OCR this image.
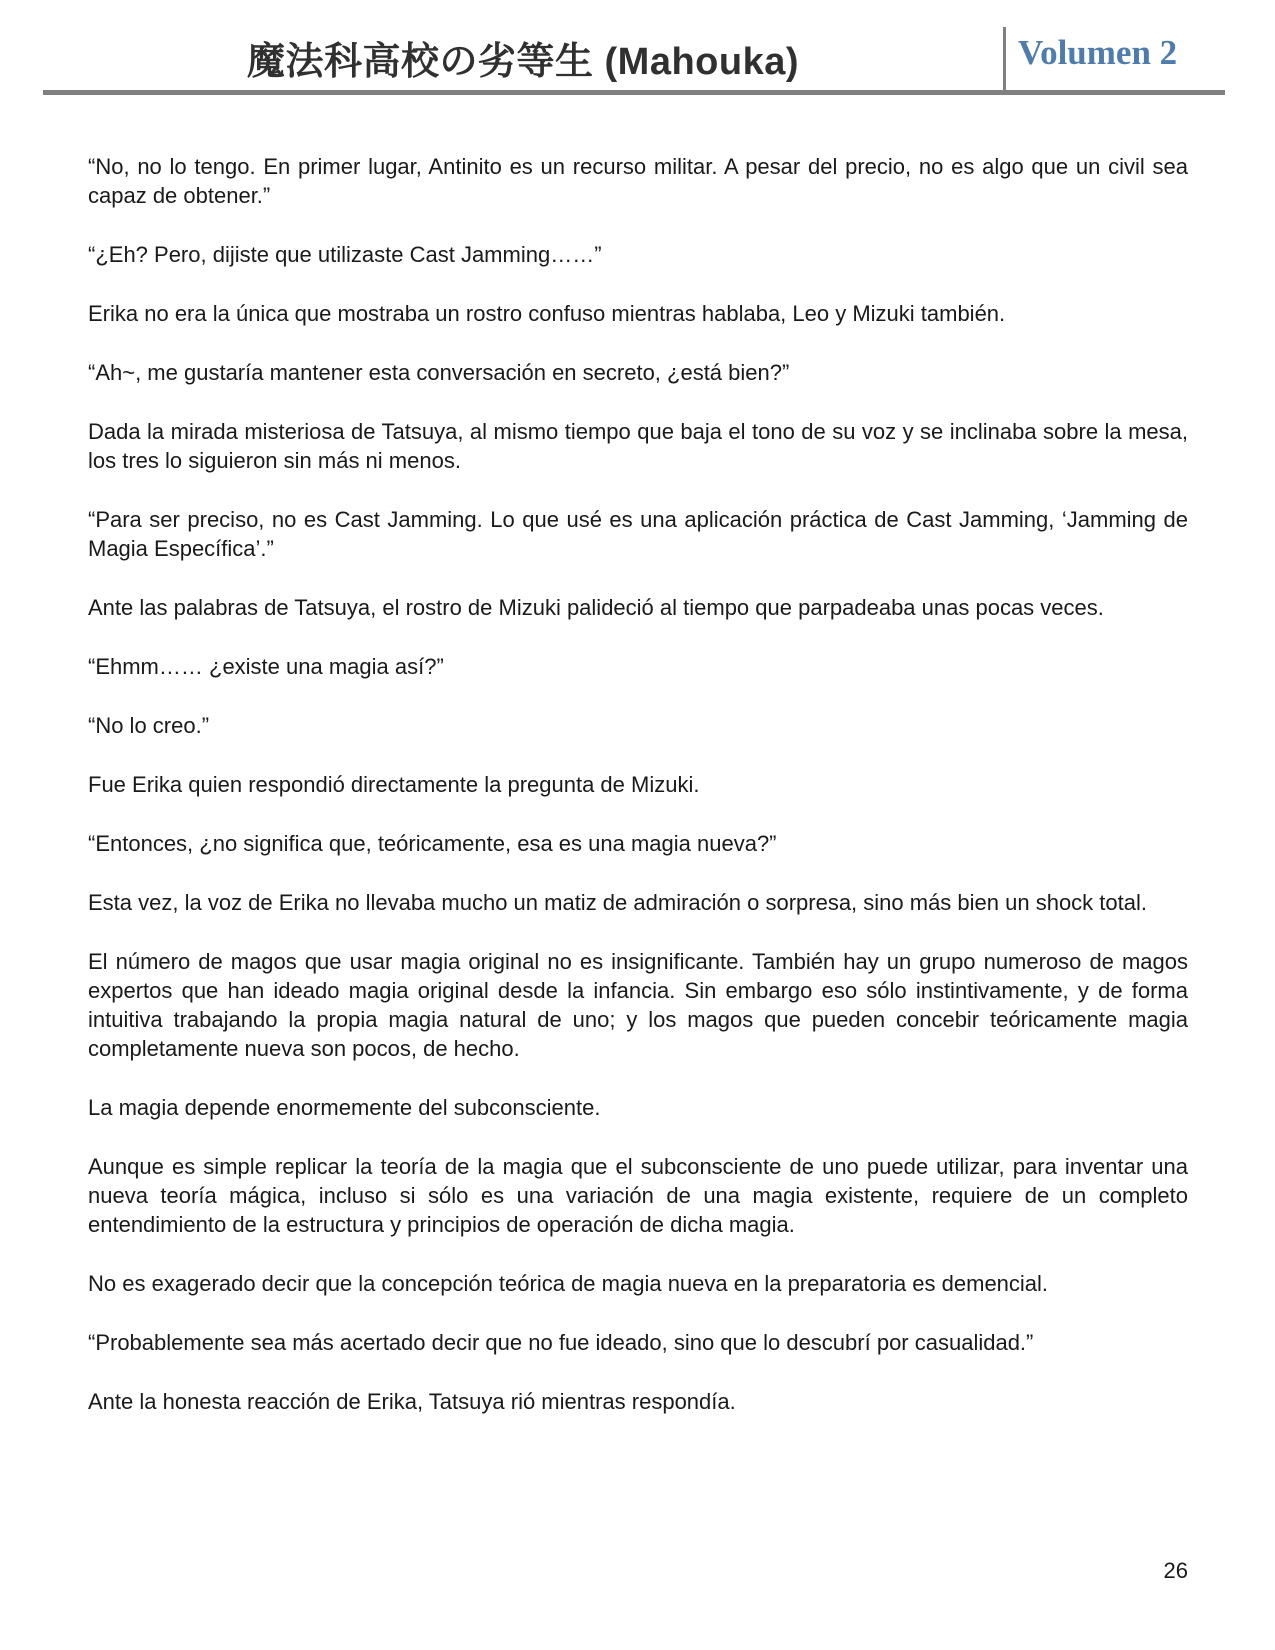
魔法科高校の劣等生 (Mahouka)	Volumen 2

“No, no lo tengo. En primer lugar, Antinito es un recurso militar. A pesar del precio, no es algo que un civil sea capaz de obtener.”

“¿Eh? Pero, dijiste que utilizaste Cast Jamming……”

Erika no era la única que mostraba un rostro confuso mientras hablaba, Leo y Mizuki también.

“Ah~, me gustaría mantener esta conversación en secreto, ¿está bien?”

Dada la mirada misteriosa de Tatsuya, al mismo tiempo que baja el tono de su voz y se inclinaba sobre la mesa, los tres lo siguieron sin más ni menos.

“Para ser preciso, no es Cast Jamming. Lo que usé es una aplicación práctica de Cast Jamming, ‘Jamming de Magia Específica’.”

Ante las palabras de Tatsuya, el rostro de Mizuki palideció al tiempo que parpadeaba unas pocas veces.

“Ehmm…… ¿existe una magia así?”

“No lo creo.”

Fue Erika quien respondió directamente la pregunta de Mizuki.

“Entonces, ¿no significa que, teóricamente, esa es una magia nueva?”

Esta vez, la voz de Erika no llevaba mucho un matiz de admiración o sorpresa, sino más bien un shock total.

El número de magos que usar magia original no es insignificante. También hay un grupo numeroso de magos expertos que han ideado magia original desde la infancia. Sin embargo eso sólo instintivamente, y de forma intuitiva trabajando la propia magia natural de uno; y los magos que pueden concebir teóricamente magia completamente nueva son pocos, de hecho.

La magia depende enormemente del subconsciente.

Aunque es simple replicar la teoría de la magia que el subconsciente de uno puede utilizar, para inventar una nueva teoría mágica, incluso si sólo es una variación de una magia existente, requiere de un completo entendimiento de la estructura y principios de operación de dicha magia.

No es exagerado decir que la concepción teórica de magia nueva en la preparatoria es demencial.

“Probablemente sea más acertado decir que no fue ideado, sino que lo descubrí por casualidad.”

Ante la honesta reacción de Erika, Tatsuya rió mientras respondía.

26
